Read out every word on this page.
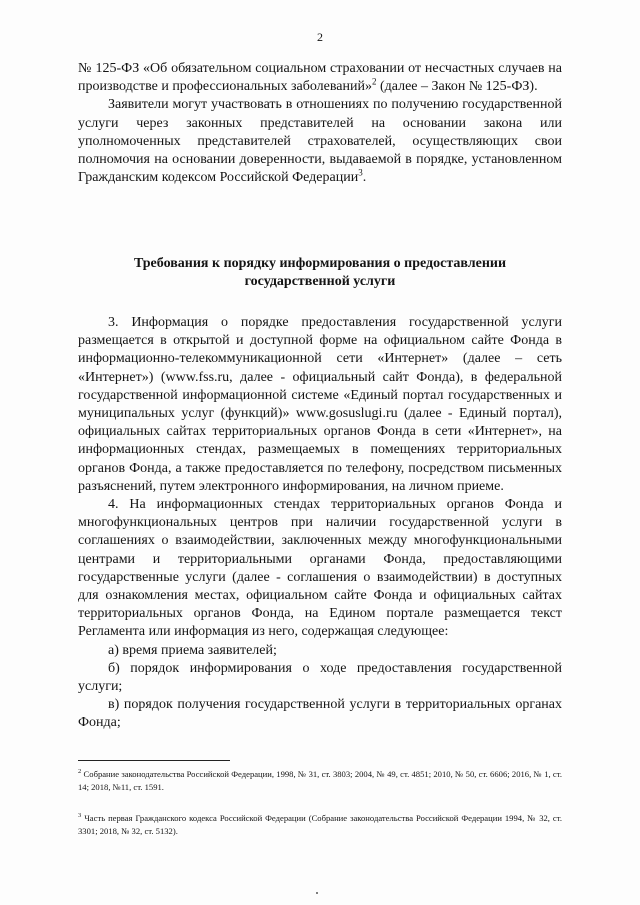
2

№ 125-ФЗ «Об обязательном социальном страховании от несчастных случаев на производстве и профессиональных заболеваний»$^2$ (далее – Закон № 125-ФЗ).

Заявители могут участвовать в отношениях по получению государственной услуги через законных представителей на основании закона или уполномоченных представителей страхователей, осуществляющих свои полномочия на основании доверенности, выдаваемой в порядке, установленном Гражданским кодексом Российской Федерации$^3$.

Требования к порядку информирования о предоставлении
государственной услуги

3. Информация о порядке предоставления государственной услуги размещается в открытой и доступной форме на официальном сайте Фонда в информационно-телекоммуникационной сети «Интернет» (далее – сеть «Интернет») (www.fss.ru, далее - официальный сайт Фонда), в федеральной государственной информационной системе «Единый портал государственных и муниципальных услуг (функций)» www.gosuslugi.ru (далее - Единый портал), официальных сайтах территориальных органов Фонда в сети «Интернет», на информационных стендах, размещаемых в помещениях территориальных органов Фонда, а также предоставляется по телефону, посредством письменных разъяснений, путем электронного информирования, на личном приеме.

4. На информационных стендах территориальных органов Фонда и многофункциональных центров при наличии государственной услуги в соглашениях о взаимодействии, заключенных между многофункциональными центрами и территориальными органами Фонда, предоставляющими государственные услуги (далее - соглашения о взаимодействии) в доступных для ознакомления местах, официальном сайте Фонда и официальных сайтах территориальных органов Фонда, на Едином портале размещается текст Регламента или информация из него, содержащая следующее:

а) время приема заявителей;

б) порядок информирования о ходе предоставления государственной услуги;

в) порядок получения государственной услуги в территориальных органах Фонда;

$^2$ Собрание законодательства Российской Федерации, 1998, № 31, ст. 3803; 2004, № 49, ст. 4851; 2010, № 50, ст. 6606; 2016, № 1, ст. 14; 2018, №11, ст. 1591.
$^3$ Часть первая Гражданского кодекса Российской Федерации (Собрание законодательства Российской Федерации 1994, № 32, ст. 3301; 2018, № 32, ст. 5132).
